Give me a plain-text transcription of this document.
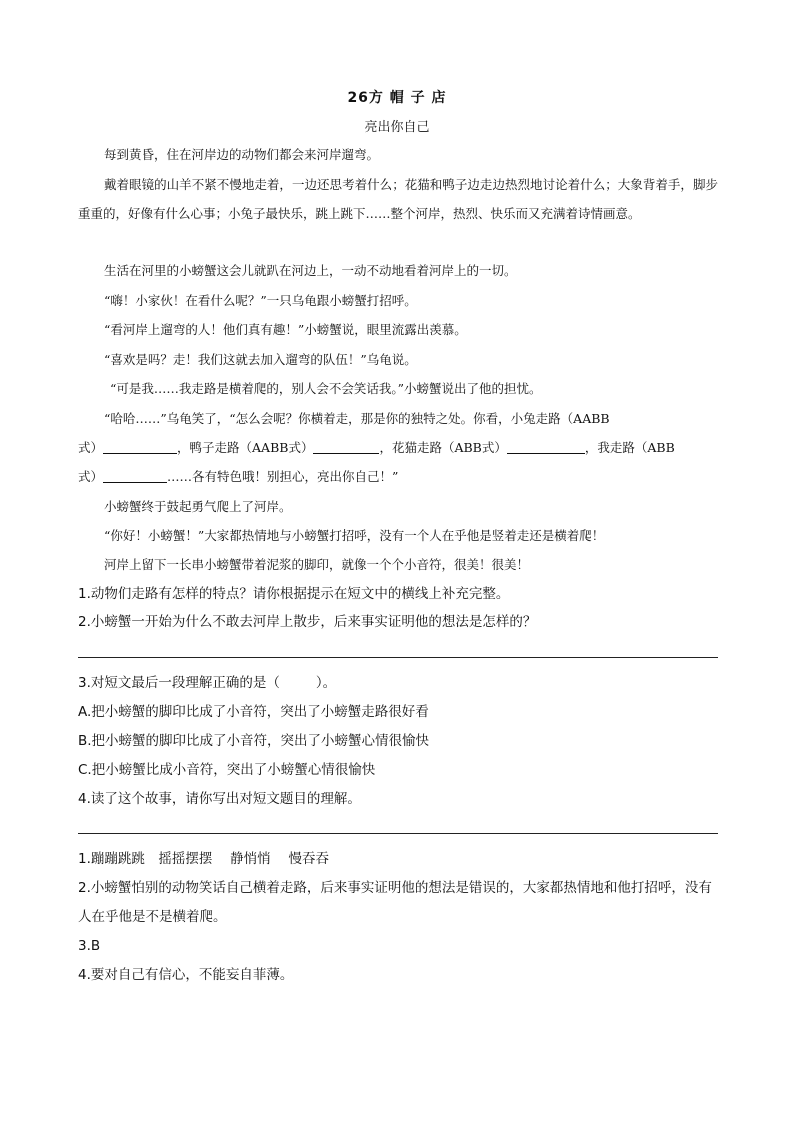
26方 帽 子 店
亮出你自己
每到黄昏，住在河岸边的动物们都会来河岸遛弯。
戴着眼镜的山羊不紧不慢地走着，一边还思考着什么；花猫和鸭子边走边热烈地讨论着什么；大象背着手，脚步重重的，好像有什么心事；小兔子最快乐，跳上跳下……整个河岸，热烈、快乐而又充满着诗情画意。
生活在河里的小螃蟹这会儿就趴在河边上，一动不动地看着河岸上的一切。
“嗨！小家伙！在看什么呢？”一只乌龟跟小螃蟹打招呼。
“看河岸上遛弯的人！他们真有趣！”小螃蟹说，眼里流露出羡慕。
“喜欢是吗？走！我们这就去加入遛弯的队伍！”乌龟说。
“可是我……我走路是横着爬的，别人会不会笑话我。”小螃蟹说出了他的担忧。
“哈哈……”乌龟笑了，“怎么会呢？你横着走，那是你的独特之处。你看，小兔走路（AABB
式）	，鸭子走路（AABB式）	，花猫走路（ABB式）	，我走路（ABB
式）	……各有特色哦！别担心，亮出你自己！”
小螃蟹终于鼓起勇气爬上了河岸。
“你好！小螃蟹！”大家都热情地与小螃蟹打招呼，没有一个人在乎他是竖着走还是横着爬！
河岸上留下一长串小螃蟹带着泥浆的脚印，就像一个个小音符，很美！很美！
1.动物们走路有怎样的特点？请你根据提示在短文中的横线上补充完整。
2.小螃蟹一开始为什么不敢去河岸上散步，后来事实证明他的想法是怎样的？
3.对短文最后一段理解正确的是（	）。
A.把小螃蟹的脚印比成了小音符，突出了小螃蟹走路很好看
B.把小螃蟹的脚印比成了小音符，突出了小螃蟹心情很愉快
C.把小螃蟹比成小音符，突出了小螃蟹心情很愉快
4.读了这个故事，请你写出对短文题目的理解。
1.蹦蹦跳跳　摇摇摆摆　 静悄悄　 慢吞吞
2.小螃蟹怕别的动物笑话自己横着走路，后来事实证明他的想法是错误的，大家都热情地和他打招呼，没有人在乎他是不是横着爬。
3.B
4.要对自己有信心，不能妄自菲薄。
